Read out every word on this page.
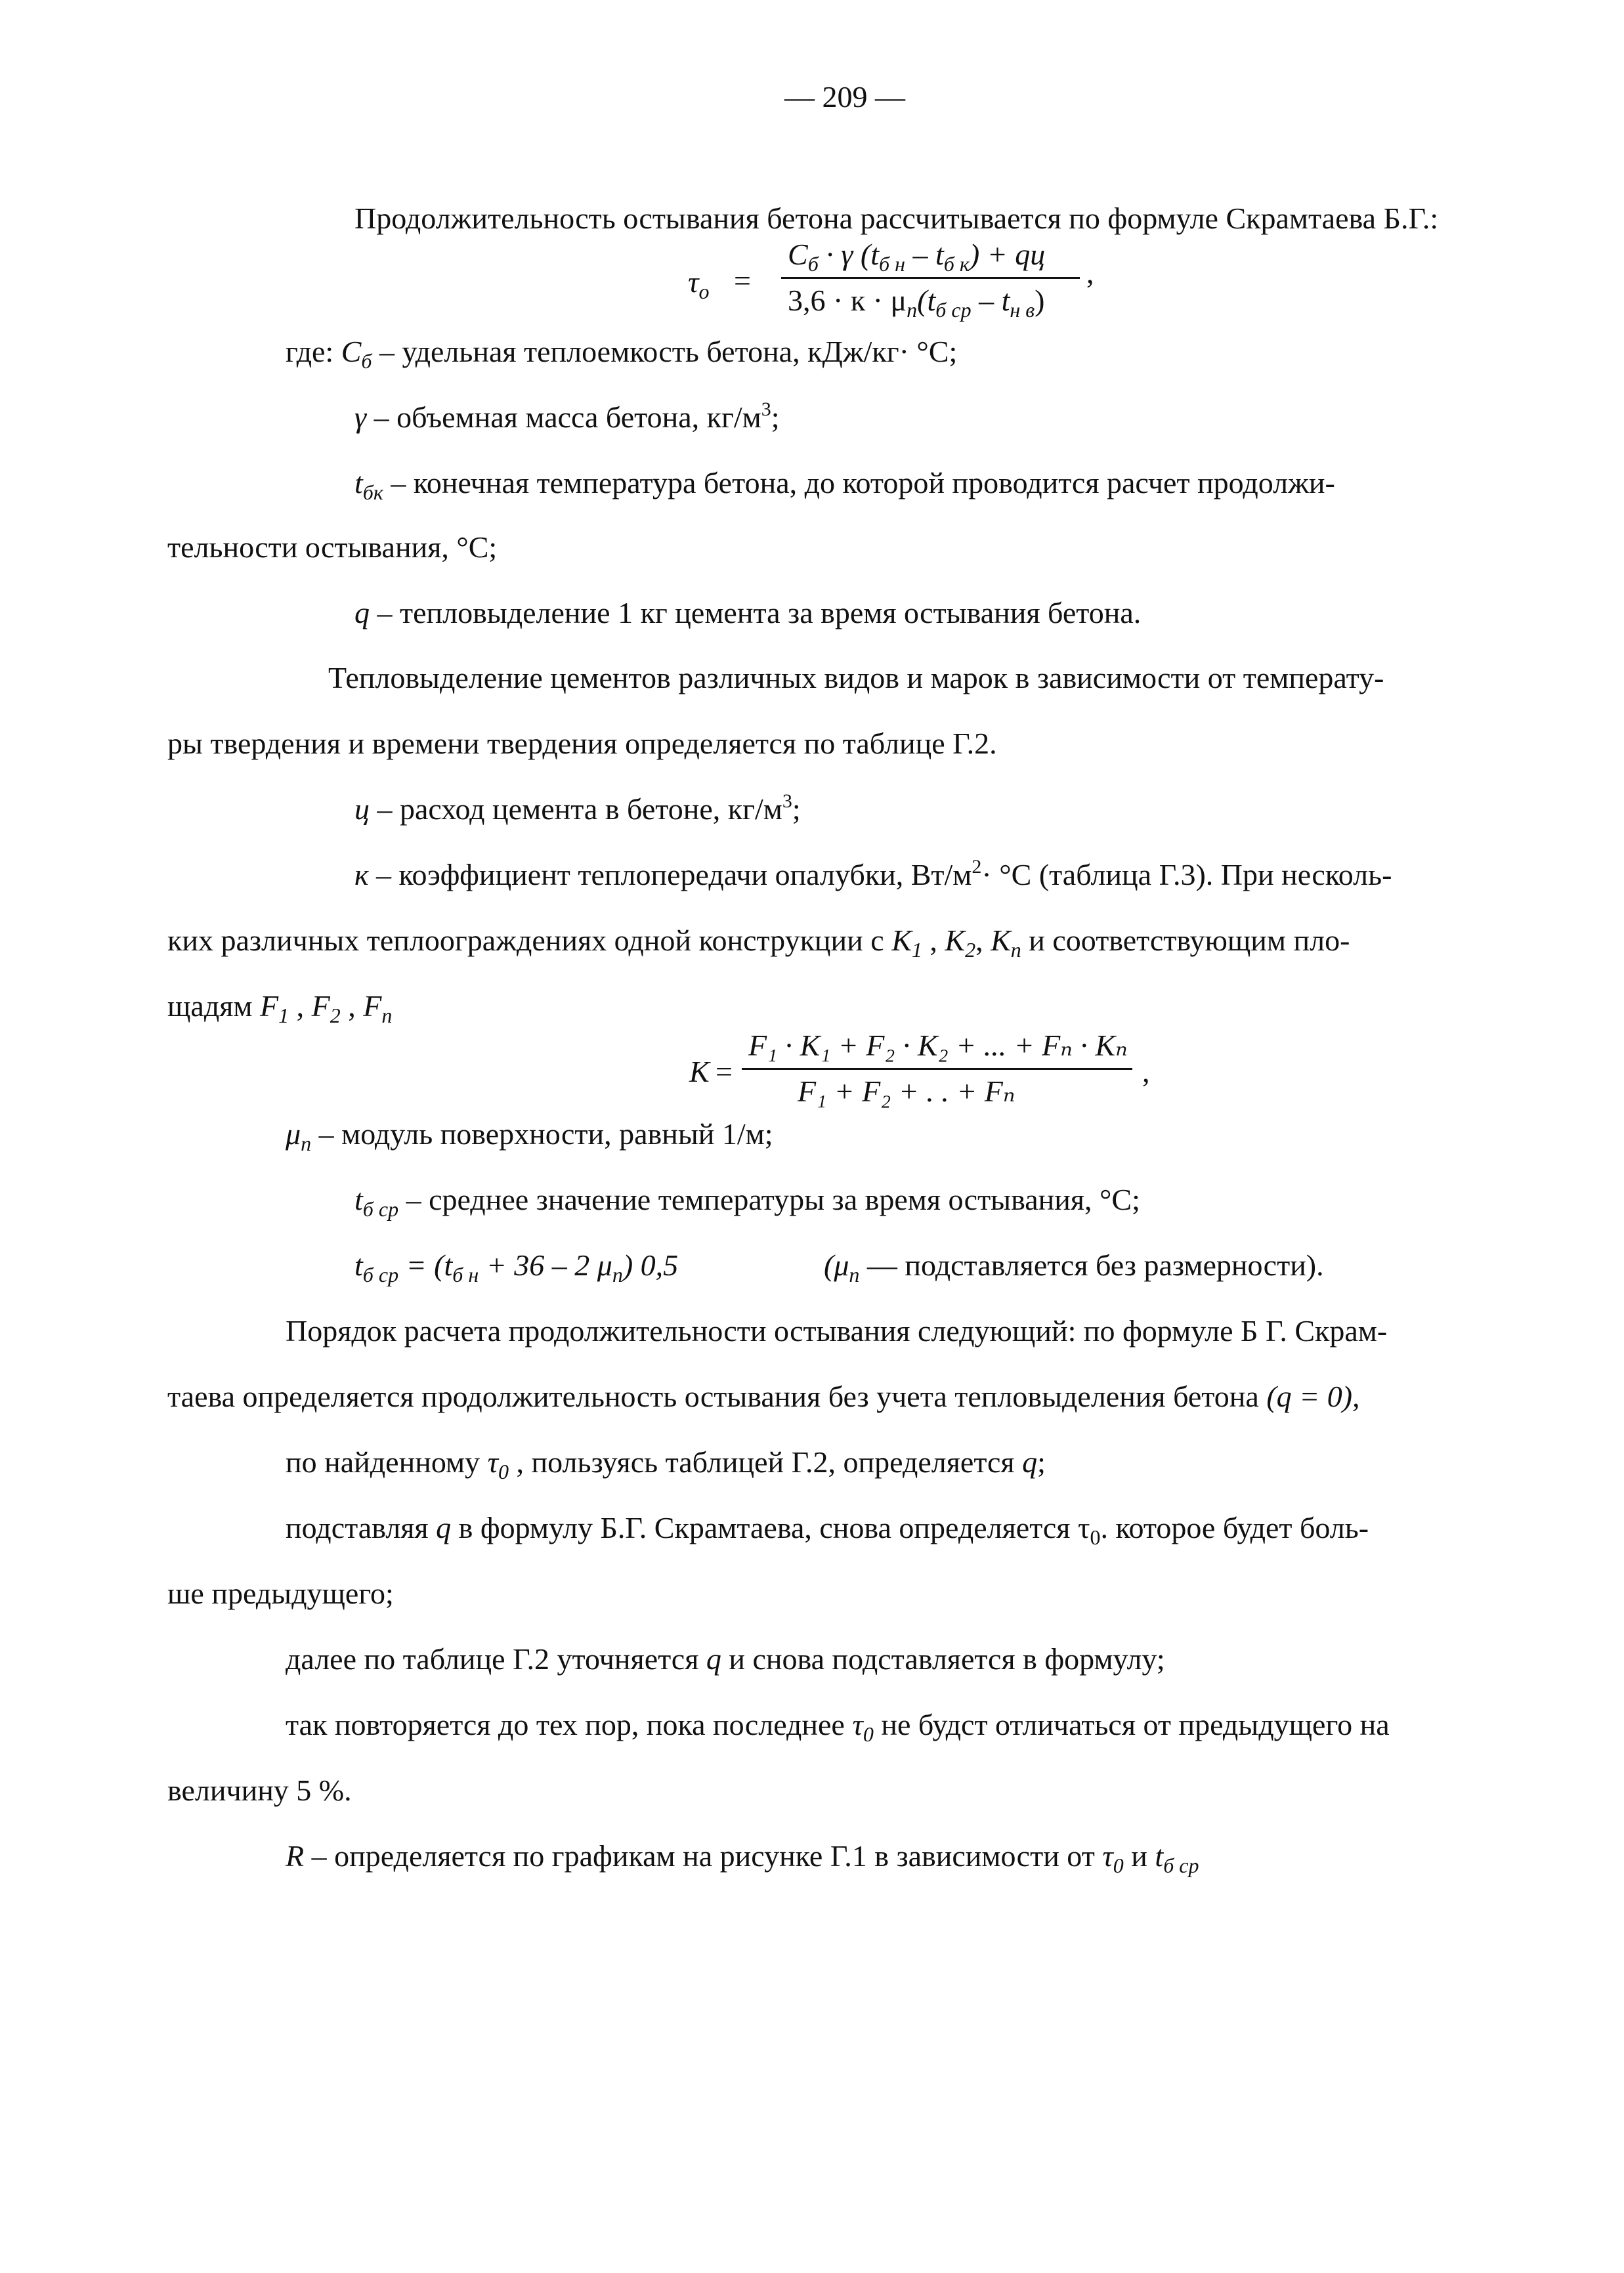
— 209 —
Продолжительность остывания бетона рассчитывается по формуле Скрамтаева Б.Г.:
$\tau_o$ =
$C_б \cdot \gamma$ $(t_{б н} - t_{б к})$ + qц
$3,6 \cdot к \cdot \mu_п(t_{б ср} - t_{н в})$
,
где: $C_б$ – удельная теплоемкость бетона, кДж/кг· °С;
γ – объемная масса бетона, $кг/м^3$;
$t_{бк}$ – конечная температура бетона, до которой проводится расчет продолжи-
тельности остывания, °С;
q – тепловыделение 1 кг цемента за время остывания бетона.
Тепловыделение цементов различных видов и марок в зависимости от температу-
ры твердения и времени твердения определяется по таблице Г.2.
ц – расход цемента в бетоне, $кг/м^3$;
к – коэффициент теплопередачи опалубки, $Вт/м^2\cdot ^\circ С$ (таблица Г.3). При несколь-
ких различных теплоограждениях одной конструкции с $K_1$ , $K_2$, $K_n$ и соответствующим пло-
щадям $F_1$ , $F_2$ , $F_n$
K =
F₁ · K₁ + F₂ · K₂ + ... + Fₙ · Kₙ
F₁ + F₂ + . . + Fₙ
,
$\mu_п$ – модуль поверхности, равный 1/м;
$t_{б ср}$ – среднее значение температуры за время остывания, °С;
$t_{б ср} = (t_{б н} + 36 - 2$ $\mu_п$) 0,5	($\mu_п$ — подставляется без размерности).
Порядок расчета продолжительности остывания следующий: по формуле Б Г. Скрам-
таева определяется продолжительность остывания без учета тепловыделения бетона (q = 0),
по найденному $\tau_0$ , пользуясь таблицей Г.2, определяется q;
подставляя q в формулу Б.Г. Скрамтаева, снова определяется $\tau_0$. которое будет боль-
ше предыдущего;
далее по таблице Г.2 уточняется q и снова подставляется в формулу;
так повторяется до тех пор, пока последнее $\tau_0$ не будст отличаться от предыдущего на
величину 5 %.
R – определяется по графикам на рисунке Г.1 в зависимости от $\tau_0$ и $t_{б ср}$
